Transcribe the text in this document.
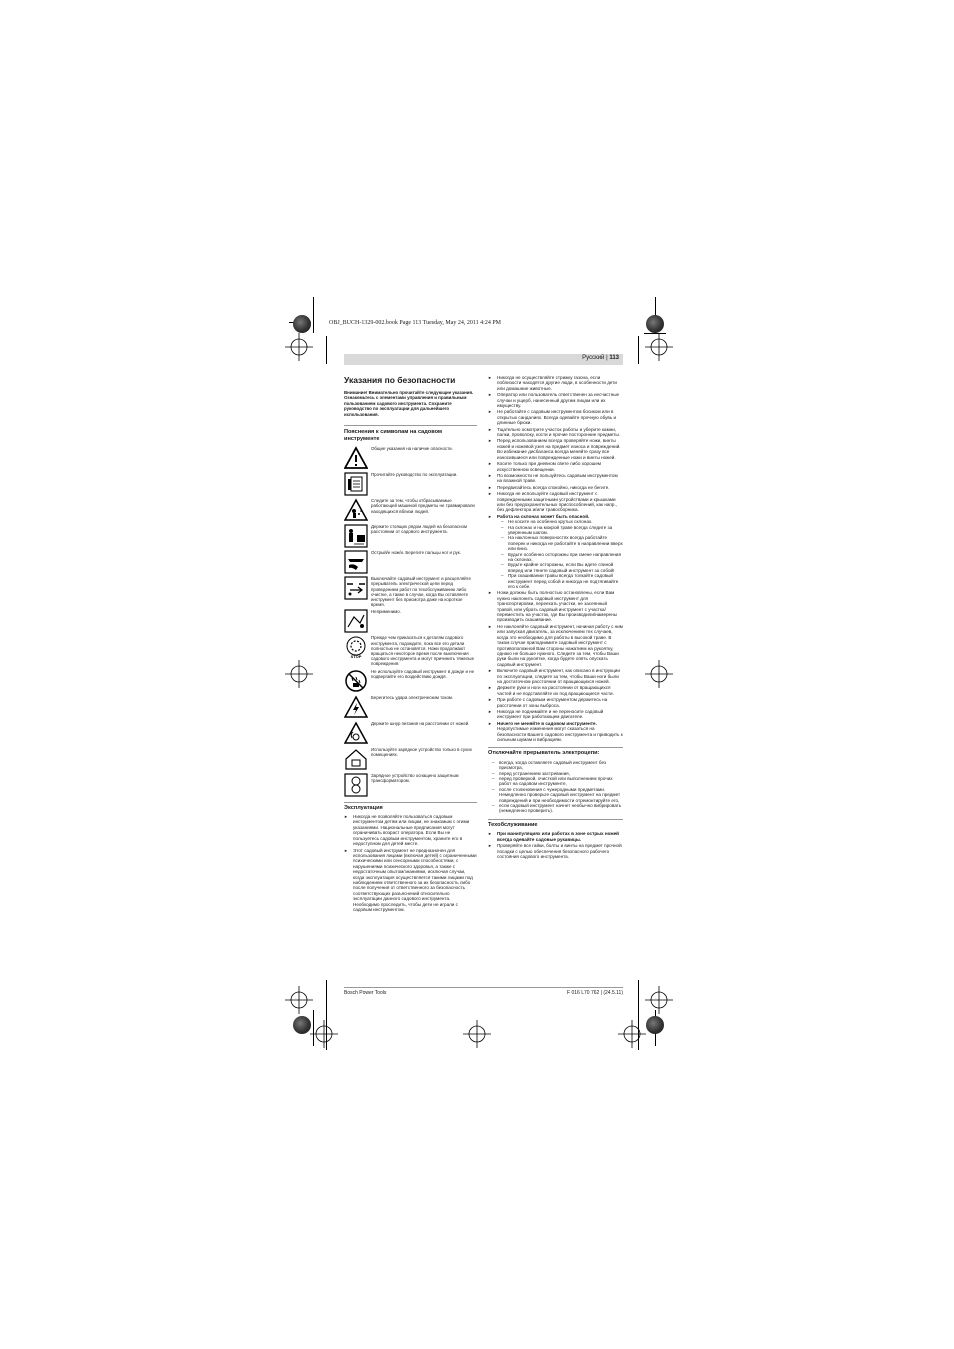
OBJ_BUCH-1329-002.book Page 113 Tuesday, May 24, 2011 4:24 PM
Русский | 113
Указания по безопасности
Внимание! Внимательно прочитайте следующие указания. Ознакомьтесь с элементами управления и правильным пользованием садового инструмента. Сохраните руководство по эксплуатации для дальнейшего использования.
Пояснения к символам на садовом инструменте
Общие указания на наличие опасности.
Прочитайте руководство по эксплуатации.
Следите за тем, чтобы отбрасываемые работающей машиной предметы не травмировали находящихся вблизи людей.
Держите стоящих рядом людей на безопасном расстоянии от садового инструмента.
Острый/е нож/и. Берегите пальцы ног и рук.
Выключайте садовый инструмент и расцепляйте прерыватель электрической цепи перед проведением работ по техобслуживанию либо очистке, а также в случае, когда Вы оставляете инструмент без присмотра даже на короткое время.
Неприменимо.
STOP
Прежде чем прикасаться к деталям садового инструмента, подождите, пока все его детали полностью не остановятся. Ножи продолжают вращаться некоторое время после выключения садового инструмента и могут причинить тяжелые повреждения.
Не используйте садовый инструмент в дожде и не подвергайте его воздействию дождя.
Берегитесь удара электрическим током.
Держите шнур питания на расстоянии от ножей.
Используйте зарядное устройство только в сухих помещениях.
Зарядное устройство оснащено защитным трансформатором.
Эксплуатация
► Никогда не позволяйте пользоваться садовым инструментом детям или лицам, не знакомым с этими указаниями. Национальные предписания могут ограничивать возраст оператора. Если Вы не пользуетесь садовым инструментом, храните его в недоступном для детей месте.
► Этот садовый инструмент не предназначен для использования лицами (включая детей) с ограниченными психическими или сенсорными способностями, с нарушениями психического здоровья, а также с недостаточным опытом/знаниями, исключая случаи, когда эксплуатация осуществляется такими лицами под наблюдением ответственного за их безопасность либо после получения от ответственного за безопасность соответствующих разъяснений относительно эксплуатации данного садового инструмента. Необходимо проследить, чтобы дети не играли с садовым инструментом.
► Никогда не осуществляйте стрижку газона, если поблизости находятся другие люди, в особенности дети или домашние животные.
► Оператор или пользователь ответственен за несчастные случаи и ущерб, нанесенный другим лицам или их имуществу.
► Не работайте с садовым инструментом босиком или в открытых сандалиях. Всегда одевайте прочную обувь и длинные брюки.
► Тщательно осмотрите участок работы и уберите камни, палки, проволоку, кости и прочие посторонние предметы.
► Перед использованием всегда проверяйте ножи, винты ножей и ножевой узел на предмет износа и повреждений. Во избежание дисбаланса всегда меняйте сразу все износившиеся или поврежденные ножи и винты ножей.
► Косите только при дневном свете либо хорошем искусственном освещении.
► По возможности не пользуйтесь садовым инструментом на влажной траве.
► Передвигайтесь всегда спокойно, никогда не бегите.
► Никогда не используйте садовый инструмент с поврежденными защитными устройствами и крышками или без предохранительных приспособлений, как напр., без дефлектора и/или травосборника.
► Работа на склонах может быть опасной.
– Не косите на особенно крутых склонах.
– На склонах и на мокрой траве всегда следите за уверенным шагом.
– На наклонных поверхностях всегда работайте поперек и никогда не работайте в направлении вверх или вниз.
– Будьте особенно осторожны при смене направления на склонах.
– Будьте крайне осторожны, если Вы идете спиной вперед или тянете садовый инструмент за собой!
– При скашивании травы всегда толкайте садовый инструмент перед собой и никогда не подтягивайте его к себе.
► Ножи должны быть полностью остановлены, если Вам нужно наклонить садовый инструмент для транспортировки, переехать участки, не засеянный травой, или убрать садовый инструмент с участка/переместить на участок, где Вы производили/намерены производить скашивание.
► Не наклоняйте садовый инструмент, начиная работу с ним или запуская двигатель, за исключением тех случаев, когда это необходимо для работы в высокой траве. В таком случае приподнимите садовый инструмент с противоположной Вам стороны нажатием на рукоятку, однако не больше нужного. Следите за тем, чтобы Ваши руки были на рукоятке, когда будете опять опускать садовый инструмент.
► Включите садовый инструмент, как описано в инструкции по эксплуатации, следите за тем, чтобы Ваши ноги были на достаточном расстоянии от вращающихся ножей.
► Держите руки и ноги на расстоянии от вращающихся частей и не подставляйте их под вращающиеся части.
► При работе с садовым инструментом держитесь на расстоянии от зоны выброса.
► Никогда не поднимайте и не переносите садовый инструмент при работающем двигателе.
► Ничего не меняйте в садовом инструменте. Недопустимые изменения могут сказаться на безопасности Вашего садового инструмента и приводить к сильным шумам и вибрациям.
Отключайте прерыватель электроцепи:
– всегда, когда оставляете садовый инструмент без присмотра,
– перед устранением застревания,
– перед проверкой, очисткой или выполнением прочих работ на садовом инструменте,
– после столкновения с чужеродными предметами. Немедленно проверьте садовый инструмент на предмет повреждений и при необходимости отремонтируйте его,
– если садовый инструмент начнет необычно вибрировать (немедленно проверить).
Техобслуживание
► При манипуляциях или работах в зоне острых ножей всегда одевайте садовые рукавицы.
► Проверяйте все гайки, болты и винты на предмет прочной посадки с целью обеспечения безопасного рабочего состояния садового инструмента.
Bosch Power Tools	F 016 L70 762 | (24.5.11)
